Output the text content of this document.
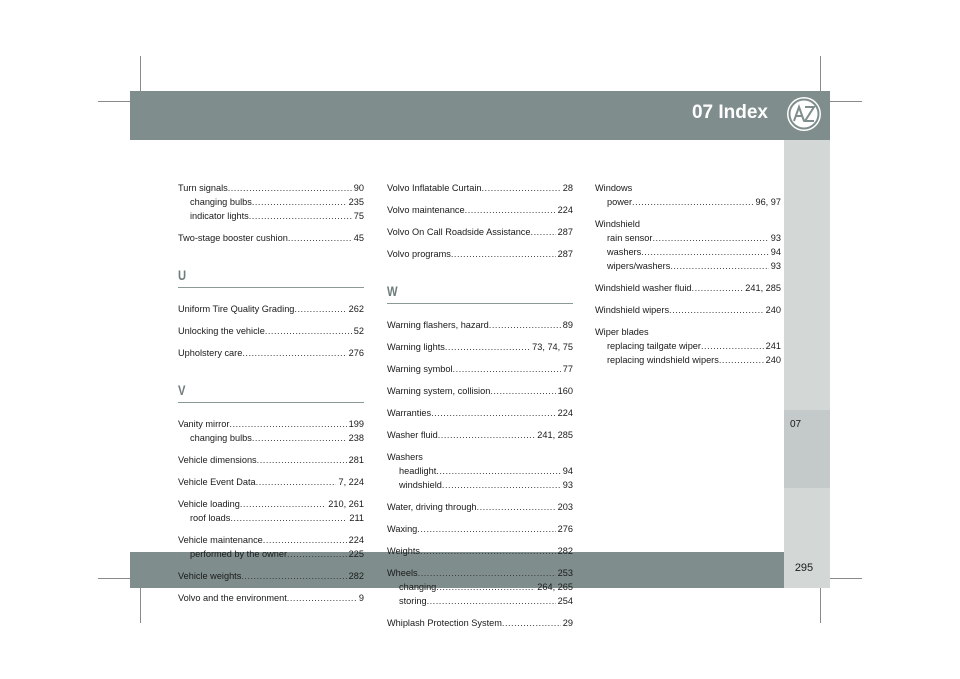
07 Index
07
295
Turn signals .....	90
changing bulbs .....	235
indicator lights .....	75
Two-stage booster cushion .....	45
U
Uniform Tire Quality Grading .....	262
Unlocking the vehicle .....	52
Upholstery care .....	276
V
Vanity mirror .....	199
changing bulbs .....	238
Vehicle dimensions .....	281
Vehicle Event Data .....	7, 224
Vehicle loading .....	210, 261
roof loads .....	211
Vehicle maintenance .....	224
performed by the owner .....	225
Vehicle weights .....	282
Volvo and the environment .....	9
Volvo Inflatable Curtain .....	28
Volvo maintenance .....	224
Volvo On Call Roadside Assistance .....	287
Volvo programs .....	287
W
Warning flashers, hazard .....	89
Warning lights .....	73, 74, 75
Warning symbol .....	77
Warning system, collision .....	160
Warranties .....	224
Washer fluid .....	241, 285
Washers
headlight .....	94
windshield .....	93
Water, driving through .....	203
Waxing .....	276
Weights .....	282
Wheels .....	253
changing .....	264, 265
storing .....	254
Whiplash Protection System .....	29
Windows
power .....	96, 97
Windshield
rain sensor .....	93
washers .....	94
wipers/washers .....	93
Windshield washer fluid .....	241, 285
Windshield wipers .....	240
Wiper blades
replacing tailgate wiper .....	241
replacing windshield wipers .....	240
